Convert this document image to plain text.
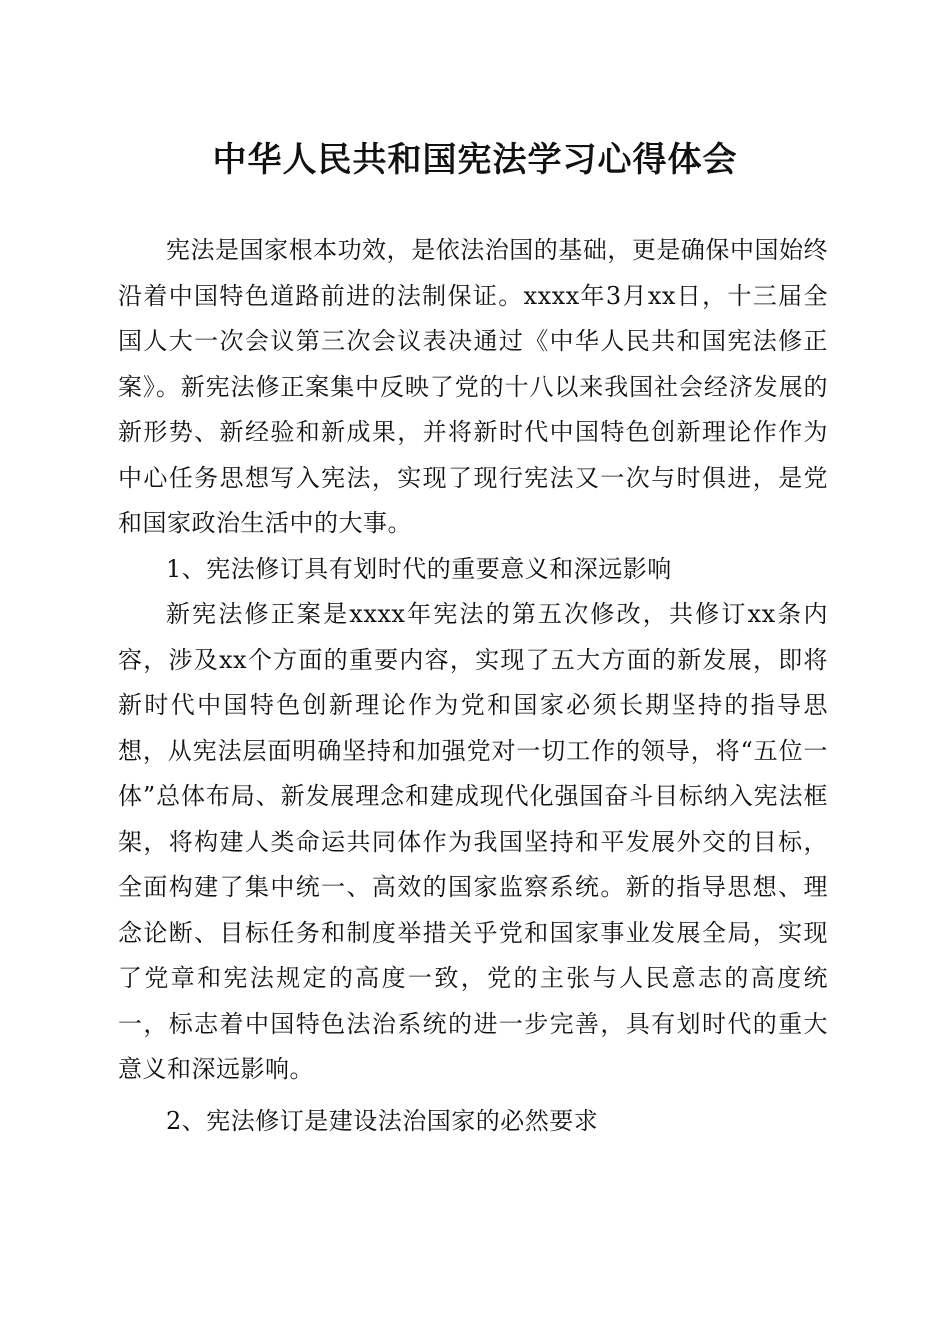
中华人民共和国宪法学习心得体会

宪法是国家根本功效，是依法治国的基础，更是确保中国始终沿着中国特色道路前进的法制保证。xxxx年3月xx日，十三届全国人大一次会议第三次会议表决通过《中华人民共和国宪法修正案》。新宪法修正案集中反映了党的十八以来我国社会经济发展的新形势、新经验和新成果，并将新时代中国特色创新理论作作为中心任务思想写入宪法，实现了现行宪法又一次与时俱进，是党和国家政治生活中的大事。

1、宪法修订具有划时代的重要意义和深远影响

新宪法修正案是xxxx年宪法的第五次修改，共修订xx条内容，涉及xx个方面的重要内容，实现了五大方面的新发展，即将新时代中国特色创新理论作为党和国家必须长期坚持的指导思想，从宪法层面明确坚持和加强党对一切工作的领导，将“五位一体”总体布局、新发展理念和建成现代化强国奋斗目标纳入宪法框架，将构建人类命运共同体作为我国坚持和平发展外交的目标，全面构建了集中统一、高效的国家监察系统。新的指导思想、理念论断、目标任务和制度举措关乎党和国家事业发展全局，实现了党章和宪法规定的高度一致，党的主张与人民意志的高度统一，标志着中国特色法治系统的进一步完善，具有划时代的重大意义和深远影响。

2、宪法修订是建设法治国家的必然要求
